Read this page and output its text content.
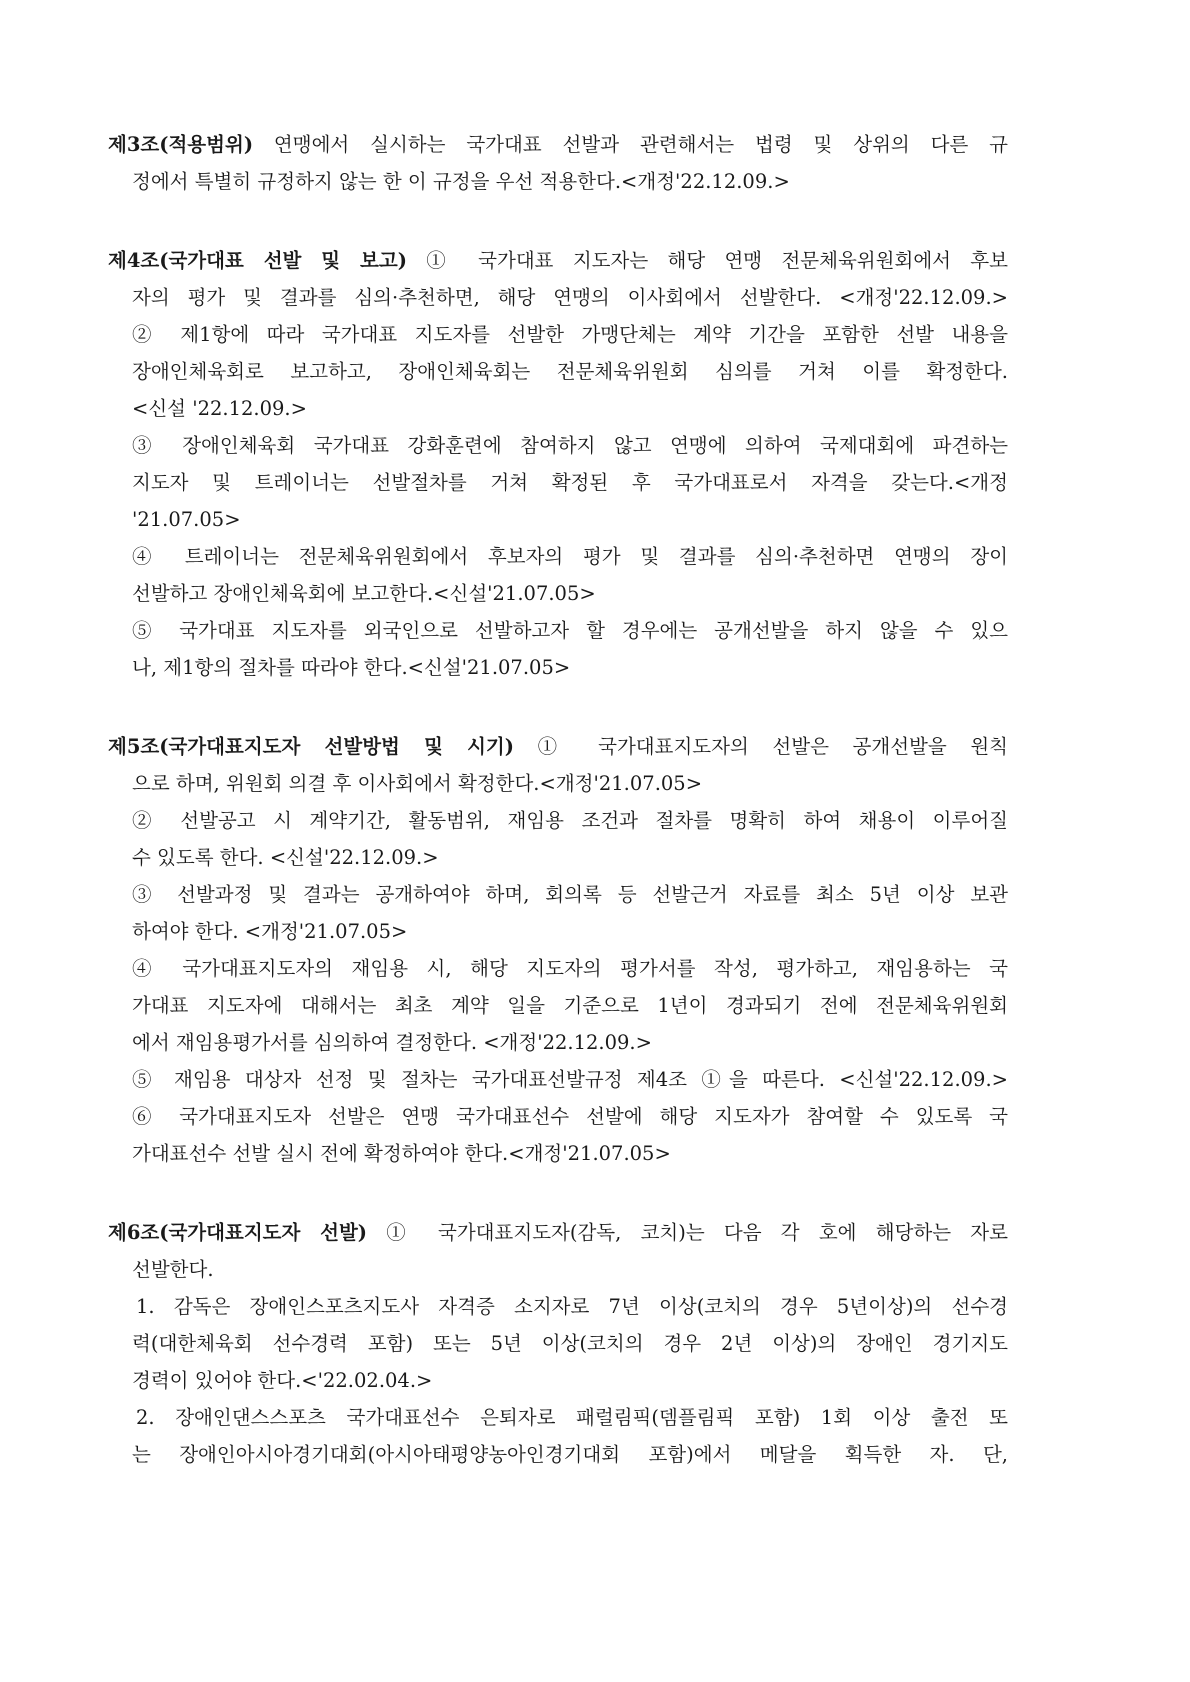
제3조(적용범위) 연맹에서 실시하는 국가대표 선발과 관련해서는 법령 및 상위의 다른 규
정에서 특별히 규정하지 않는 한 이 규정을 우선 적용한다.<개정'22.12.09.>
제4조(국가대표 선발 및 보고) ① 국가대표 지도자는 해당 연맹 전문체육위원회에서 후보
자의 평가 및 결과를 심의·추천하면, 해당 연맹의 이사회에서 선발한다. <개정'22.12.09.>
② 제1항에 따라 국가대표 지도자를 선발한 가맹단체는 계약 기간을 포함한 선발 내용을
장애인체육회로 보고하고, 장애인체육회는 전문체육위원회 심의를 거쳐 이를 확정한다.
<신설 '22.12.09.>
③ 장애인체육회 국가대표 강화훈련에 참여하지 않고 연맹에 의하여 국제대회에 파견하는
지도자 및 트레이너는 선발절차를 거쳐 확정된 후 국가대표로서 자격을 갖는다.<개정
'21.07.05>
④ 트레이너는 전문체육위원회에서 후보자의 평가 및 결과를 심의·추천하면 연맹의 장이
선발하고 장애인체육회에 보고한다.<신설'21.07.05>
⑤ 국가대표 지도자를 외국인으로 선발하고자 할 경우에는 공개선발을 하지 않을 수 있으
나, 제1항의 절차를 따라야 한다.<신설'21.07.05>
제5조(국가대표지도자 선발방법 및 시기) ① 국가대표지도자의 선발은 공개선발을 원칙
으로 하며, 위원회 의결 후 이사회에서 확정한다.<개정'21.07.05>
② 선발공고 시 계약기간, 활동범위, 재임용 조건과 절차를 명확히 하여 채용이 이루어질
수 있도록 한다. <신설'22.12.09.>
③ 선발과정 및 결과는 공개하여야 하며, 회의록 등 선발근거 자료를 최소 5년 이상 보관
하여야 한다. <개정'21.07.05>
④ 국가대표지도자의 재임용 시, 해당 지도자의 평가서를 작성, 평가하고, 재임용하는 국
가대표 지도자에 대해서는 최초 계약 일을 기준으로 1년이 경과되기 전에 전문체육위원회
에서 재임용평가서를 심의하여 결정한다. <개정'22.12.09.>
⑤ 재임용 대상자 선정 및 절차는 국가대표선발규정 제4조 ①을 따른다. <신설'22.12.09.>
⑥ 국가대표지도자 선발은 연맹 국가대표선수 선발에 해당 지도자가 참여할 수 있도록 국
가대표선수 선발 실시 전에 확정하여야 한다.<개정'21.07.05>
제6조(국가대표지도자 선발) ① 국가대표지도자(감독, 코치)는 다음 각 호에 해당하는 자로
선발한다.
1. 감독은 장애인스포츠지도사 자격증 소지자로 7년 이상(코치의 경우 5년이상)의 선수경
력(대한체육회 선수경력 포함) 또는 5년 이상(코치의 경우 2년 이상)의 장애인 경기지도
경력이 있어야 한다.<'22.02.04.>
2. 장애인댄스스포츠 국가대표선수 은퇴자로 패럴림픽(뎀플림픽 포함) 1회 이상 출전 또
는 장애인아시아경기대회(아시아태평양농아인경기대회 포함)에서 메달을 획득한 자. 단,
